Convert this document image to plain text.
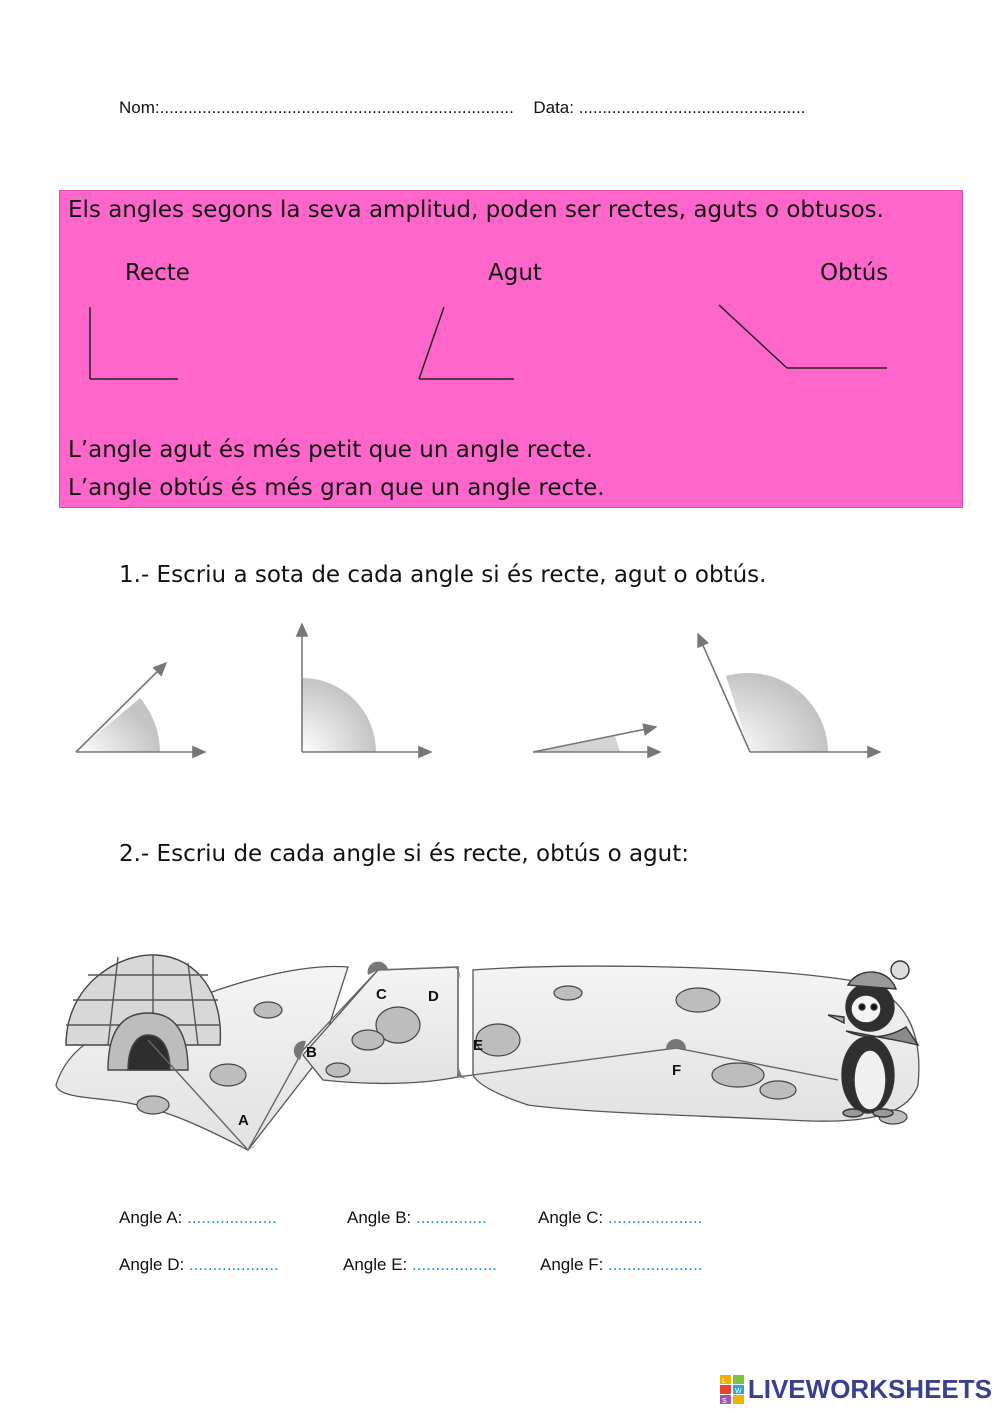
Nom:........................................................................... Data: ................................................
Els angles segons la seva amplitud, poden ser rectes, aguts o obtusos.
Recte	Agut	Obtús
L’angle agut és més petit que un angle recte.
L’angle obtús és més gran que un angle recte.
1.- Escriu a sota de cada angle si és recte, agut o obtús.
2.- Escriu de cada angle si és recte, obtús o agut:
A
B
C	D
E
F
Angle A: ...................	Angle B: ...............	Angle C: ....................
Angle D: ...................	Angle E: ..................	Angle F: ....................
L
W
S LIVEWORKSHEETS
